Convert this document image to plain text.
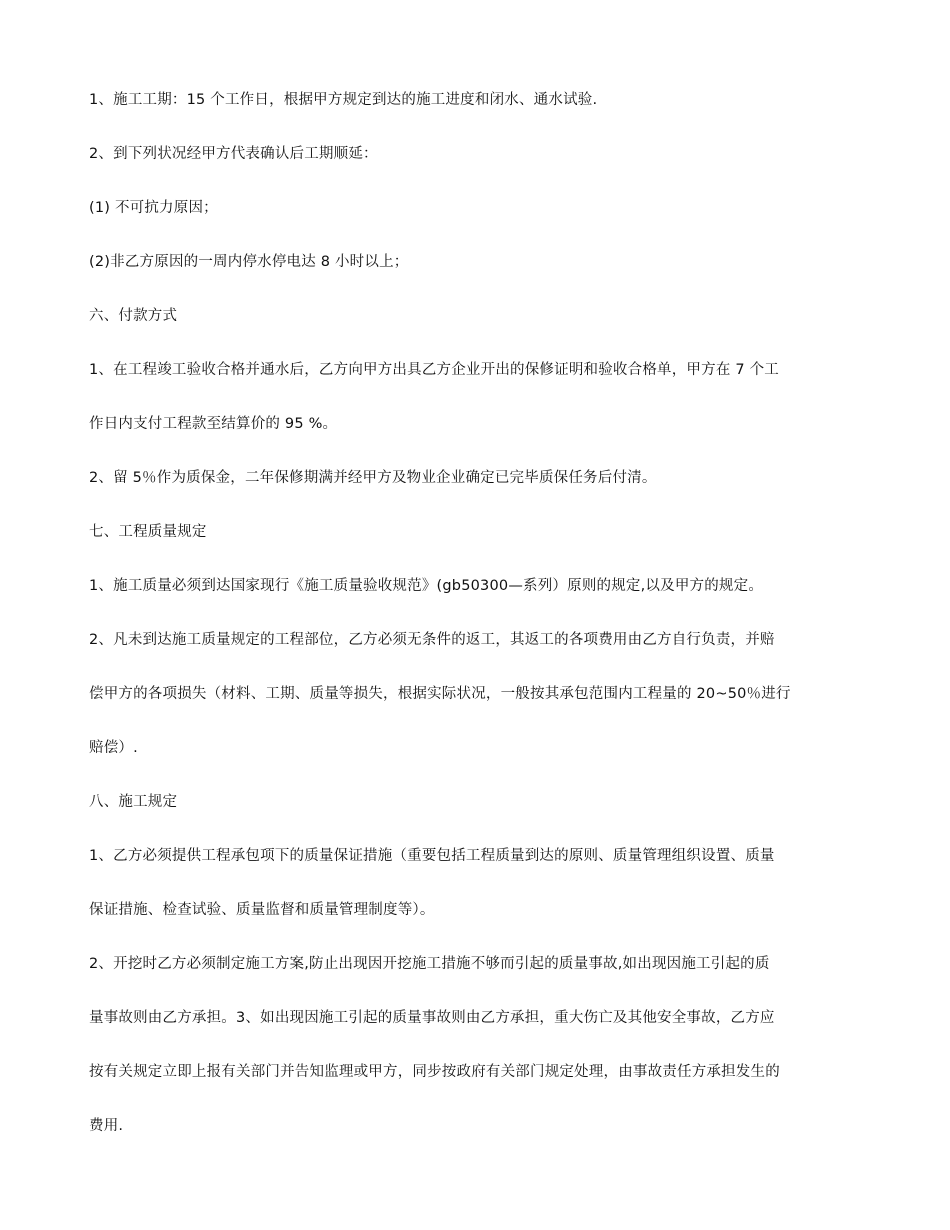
1、施工工期：15 个工作日，根据甲方规定到达的施工进度和闭水、通水试验.

2、到下列状况经甲方代表确认后工期顺延：

(1) 不可抗力原因；

(2)非乙方原因的一周内停水停电达 8 小时以上；

六、付款方式

1、在工程竣工验收合格并通水后，乙方向甲方出具乙方企业开出的保修证明和验收合格单，甲方在 7 个工

作日内支付工程款至结算价的 95 %。

2、留 5％作为质保金，二年保修期满并经甲方及物业企业确定已完毕质保任务后付清。

七、工程质量规定

1、施工质量必须到达国家现行《施工质量验收规范》(gb50300—系列）原则的规定,以及甲方的规定。

2、凡未到达施工质量规定的工程部位，乙方必须无条件的返工，其返工的各项费用由乙方自行负责，并赔

偿甲方的各项损失（材料、工期、质量等损失，根据实际状况，一般按其承包范围内工程量的 20~50％进行

赔偿）.

八、施工规定

1、乙方必须提供工程承包项下的质量保证措施（重要包括工程质量到达的原则、质量管理组织设置、质量

保证措施、检查试验、质量监督和质量管理制度等）。

2、开挖时乙方必须制定施工方案,防止出现因开挖施工措施不够而引起的质量事故,如出现因施工引起的质

量事故则由乙方承担。3、如出现因施工引起的质量事故则由乙方承担，重大伤亡及其他安全事故，乙方应

按有关规定立即上报有关部门并告知监理或甲方，同步按政府有关部门规定处理，由事故责任方承担发生的

费用.
